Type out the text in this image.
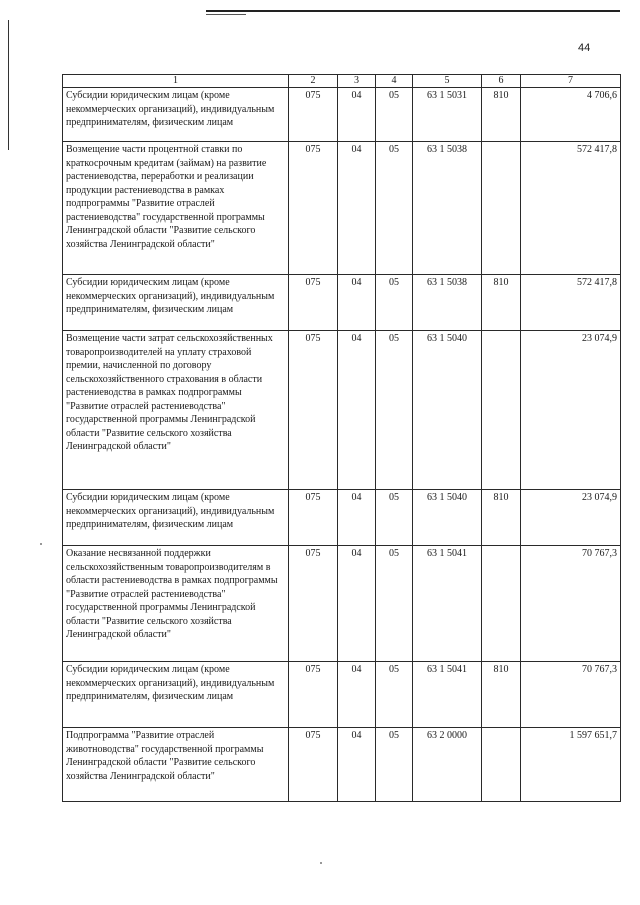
44
1	2	3	4	5	6	7
Субсидии юридическим лицам (кроме некоммерческих организаций), индивидуальным предпринимателям, физическим лицам	075	04	05	63 1 5031	810	4 706,6
Возмещение части процентной ставки по краткосрочным кредитам (займам) на развитие растениеводства, переработки и реализации продукции растениеводства в рамках подпрограммы "Развитие отраслей растениеводства" государственной программы Ленинградской области "Развитие сельского хозяйства Ленинградской области"	075	04	05	63 1 5038		572 417,8
Субсидии юридическим лицам (кроме некоммерческих организаций), индивидуальным предпринимателям, физическим лицам	075	04	05	63 1 5038	810	572 417,8
Возмещение части затрат сельскохозяйственных товаропроизводителей на уплату страховой премии, начисленной по договору сельскохозяйственного страхования в области растениеводства в рамках подпрограммы "Развитие отраслей растениеводства" государственной программы Ленинградской области "Развитие сельского хозяйства Ленинградской области"	075	04	05	63 1 5040		23 074,9
Субсидии юридическим лицам (кроме некоммерческих организаций), индивидуальным предпринимателям, физическим лицам	075	04	05	63 1 5040	810	23 074,9
Оказание несвязанной поддержки сельскохозяйственным товаропроизводителям в области растениеводства в рамках подпрограммы "Развитие отраслей растениеводства" государственной программы Ленинградской области "Развитие сельского хозяйства Ленинградской области"	075	04	05	63 1 5041		70 767,3
Субсидии юридическим лицам (кроме некоммерческих организаций), индивидуальным предпринимателям, физическим лицам	075	04	05	63 1 5041	810	70 767,3
Подпрограмма "Развитие отраслей животноводства" государственной программы Ленинградской области "Развитие сельского хозяйства Ленинградской области"	075	04	05	63 2 0000		1 597 651,7
